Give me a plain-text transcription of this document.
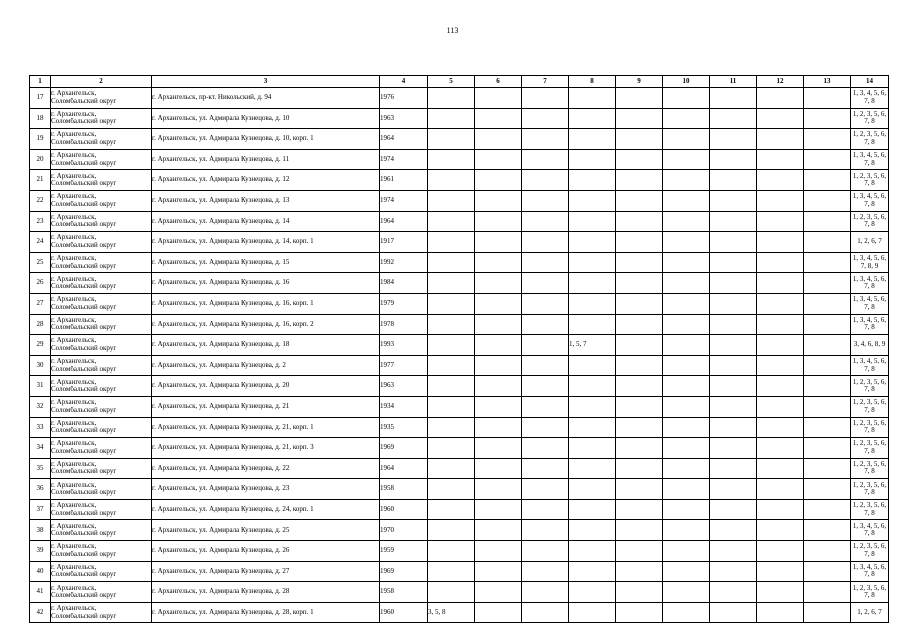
113
1	2	3	4	5	6	7	8	9	10	11	12	13	14
17	г. Архангельск,
Соломбальский округ	г. Архангельск, пр-кт. Никольский, д. 94	1976										1, 3, 4, 5, 6,
7, 8

18	г. Архангельск,
Соломбальский округ	г. Архангельск, ул. Адмирала Кузнецова, д. 10	1963										1, 2, 3, 5, 6,
7, 8

19	г. Архангельск,
Соломбальский округ	г. Архангельск, ул. Адмирала Кузнецова, д. 10, корп. 1	1964										1, 2, 3, 5, 6,
7, 8

20	г. Архангельск,
Соломбальский округ	г. Архангельск, ул. Адмирала Кузнецова, д. 11	1974										1, 3, 4, 5, 6,
7, 8

21	г. Архангельск,
Соломбальский округ	г. Архангельск, ул. Адмирала Кузнецова, д. 12	1961										1, 2, 3, 5, 6,
7, 8

22	г. Архангельск,
Соломбальский округ	г. Архангельск, ул. Адмирала Кузнецова, д. 13	1974										1, 3, 4, 5, 6,
7, 8

23	г. Архангельск,
Соломбальский округ	г. Архангельск, ул. Адмирала Кузнецова, д. 14	1964										1, 2, 3, 5, 6,
7, 8

24	г. Архангельск,
Соломбальский округ	г. Архангельск, ул. Адмирала Кузнецова, д. 14, корп. 1	1917										1, 2, 6, 7

25	г. Архангельск,
Соломбальский округ	г. Архангельск, ул. Адмирала Кузнецова, д. 15	1992										1, 3, 4, 5, 6,
7, 8, 9

26	г. Архангельск,
Соломбальский округ	г. Архангельск, ул. Адмирала Кузнецова, д. 16	1984										1, 3, 4, 5, 6,
7, 8

27	г. Архангельск,
Соломбальский округ	г. Архангельск, ул. Адмирала Кузнецова, д. 16, корп. 1	1979										1, 3, 4, 5, 6,
7, 8

28	г. Архангельск,
Соломбальский округ	г. Архангельск, ул. Адмирала Кузнецова, д. 16, корп. 2	1978										1, 3, 4, 5, 6,
7, 8

29	г. Архангельск,
Соломбальский округ	г. Архангельск, ул. Адмирала Кузнецова, д. 18	1993				1, 5, 7						3, 4, 6, 8, 9

30	г. Архангельск,
Соломбальский округ	г. Архангельск, ул. Адмирала Кузнецова, д. 2	1977										1, 3, 4, 5, 6,
7, 8

31	г. Архангельск,
Соломбальский округ	г. Архангельск, ул. Адмирала Кузнецова, д. 20	1963										1, 2, 3, 5, 6,
7, 8

32	г. Архангельск,
Соломбальский округ	г. Архангельск, ул. Адмирала Кузнецова, д. 21	1934										1, 2, 3, 5, 6,
7, 8

33	г. Архангельск,
Соломбальский округ	г. Архангельск, ул. Адмирала Кузнецова, д. 21, корп. 1	1935										1, 2, 3, 5, 6,
7, 8

34	г. Архангельск,
Соломбальский округ	г. Архангельск, ул. Адмирала Кузнецова, д. 21, корп. 3	1969										1, 2, 3, 5, 6,
7, 8

35	г. Архангельск,
Соломбальский округ	г. Архангельск, ул. Адмирала Кузнецова, д. 22	1964										1, 2, 3, 5, 6,
7, 8

36	г. Архангельск,
Соломбальский округ	г. Архангельск, ул. Адмирала Кузнецова, д. 23	1958										1, 2, 3, 5, 6,
7, 8

37	г. Архангельск,
Соломбальский округ	г. Архангельск, ул. Адмирала Кузнецова, д. 24, корп. 1	1960										1, 2, 3, 5, 6,
7, 8

38	г. Архангельск,
Соломбальский округ	г. Архангельск, ул. Адмирала Кузнецова, д. 25	1970										1, 3, 4, 5, 6,
7, 8

39	г. Архангельск,
Соломбальский округ	г. Архангельск, ул. Адмирала Кузнецова, д. 26	1959										1, 2, 3, 5, 6,
7, 8

40	г. Архангельск,
Соломбальский округ	г. Архангельск, ул. Адмирала Кузнецова, д. 27	1969										1, 3, 4, 5, 6,
7, 8

41	г. Архангельск,
Соломбальский округ	г. Архангельск, ул. Адмирала Кузнецова, д. 28	1958										1, 2, 3, 5, 6,
7, 8

42	г. Архангельск,
Соломбальский округ	г. Архангельск, ул. Адмирала Кузнецова, д. 28, корп. 1	1960	3, 5, 8									1, 2, 6, 7
